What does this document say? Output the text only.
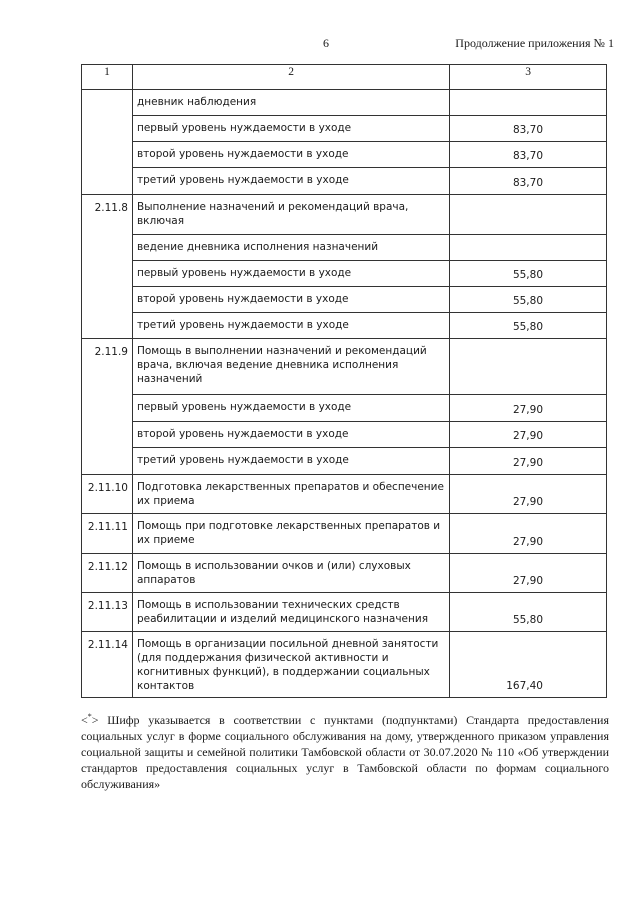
6	Продолжение приложения № 1
1	2	3
	дневник наблюдения	
	первый уровень нуждаемости в уходе	83,70
	второй уровень нуждаемости в уходе	83,70
	третий уровень нуждаемости в уходе	83,70
2.11.8	Выполнение назначений и рекомендаций врача, включая	
	ведение дневника исполнения назначений	
	первый уровень нуждаемости в уходе	55,80
	второй уровень нуждаемости в уходе	55,80
	третий уровень нуждаемости в уходе	55,80
2.11.9	Помощь в выполнении назначений и рекомендаций врача, включая ведение дневника исполнения назначений	
	первый уровень нуждаемости в уходе	27,90
	второй уровень нуждаемости в уходе	27,90
	третий уровень нуждаемости в уходе	27,90
2.11.10	Подготовка лекарственных препаратов и обеспечение их приема	27,90
2.11.11	Помощь при подготовке лекарственных препаратов и их приеме	27,90
2.11.12	Помощь в использовании очков и (или) слуховых аппаратов	27,90
2.11.13	Помощь в использовании технических средств реабилитации и изделий медицинского назначения	55,80
2.11.14	Помощь в организации посильной дневной занятости (для поддержания физической активности и когнитивных функций), в поддержании социальных контактов	167,40
<*> Шифр указывается в соответствии с пунктами (подпунктами) Стандарта предоставления социальных услуг в форме социального обслуживания на дому, утвержденного приказом управления социальной защиты и семейной политики Тамбовской области от 30.07.2020 № 110 «Об утверждении стандартов предоставления социальных услуг в Тамбовской области по формам социального обслуживания»
